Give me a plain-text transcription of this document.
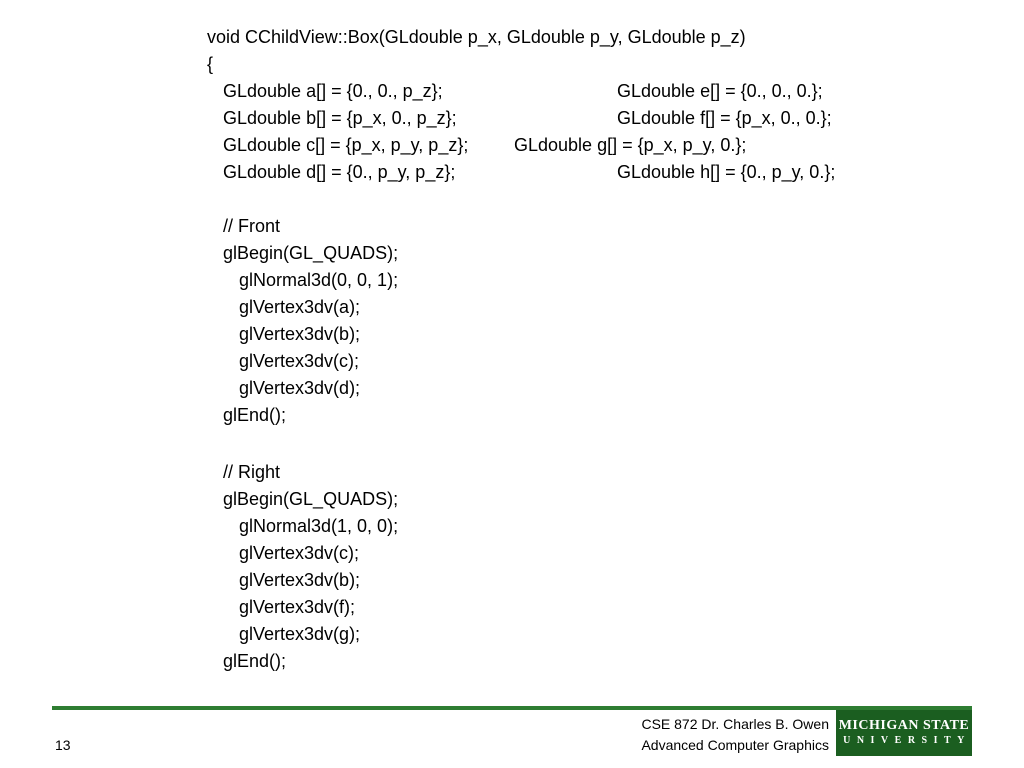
void CChildView::Box(GLdouble p_x, GLdouble p_y, GLdouble p_z)
{
GLdouble a[] = {0., 0., p_z};
GLdouble b[] = {p_x, 0., p_z};
GLdouble c[] = {p_x, p_y, p_z};
GLdouble d[] = {0., p_y, p_z};
GLdouble e[] = {0., 0., 0.};
GLdouble f[] = {p_x, 0., 0.};
GLdouble g[] = {p_x, p_y, 0.};
GLdouble h[] = {0., p_y, 0.};
// Front
glBegin(GL_QUADS);
glNormal3d(0, 0, 1);
glVertex3dv(a);
glVertex3dv(b);
glVertex3dv(c);
glVertex3dv(d);
glEnd();
// Right
glBegin(GL_QUADS);
glNormal3d(1, 0, 0);
glVertex3dv(c);
glVertex3dv(b);
glVertex3dv(f);
glVertex3dv(g);
glEnd();
13
CSE 872 Dr. Charles B. Owen
Advanced Computer Graphics
MICHIGAN STATE
UNIVERSITY
